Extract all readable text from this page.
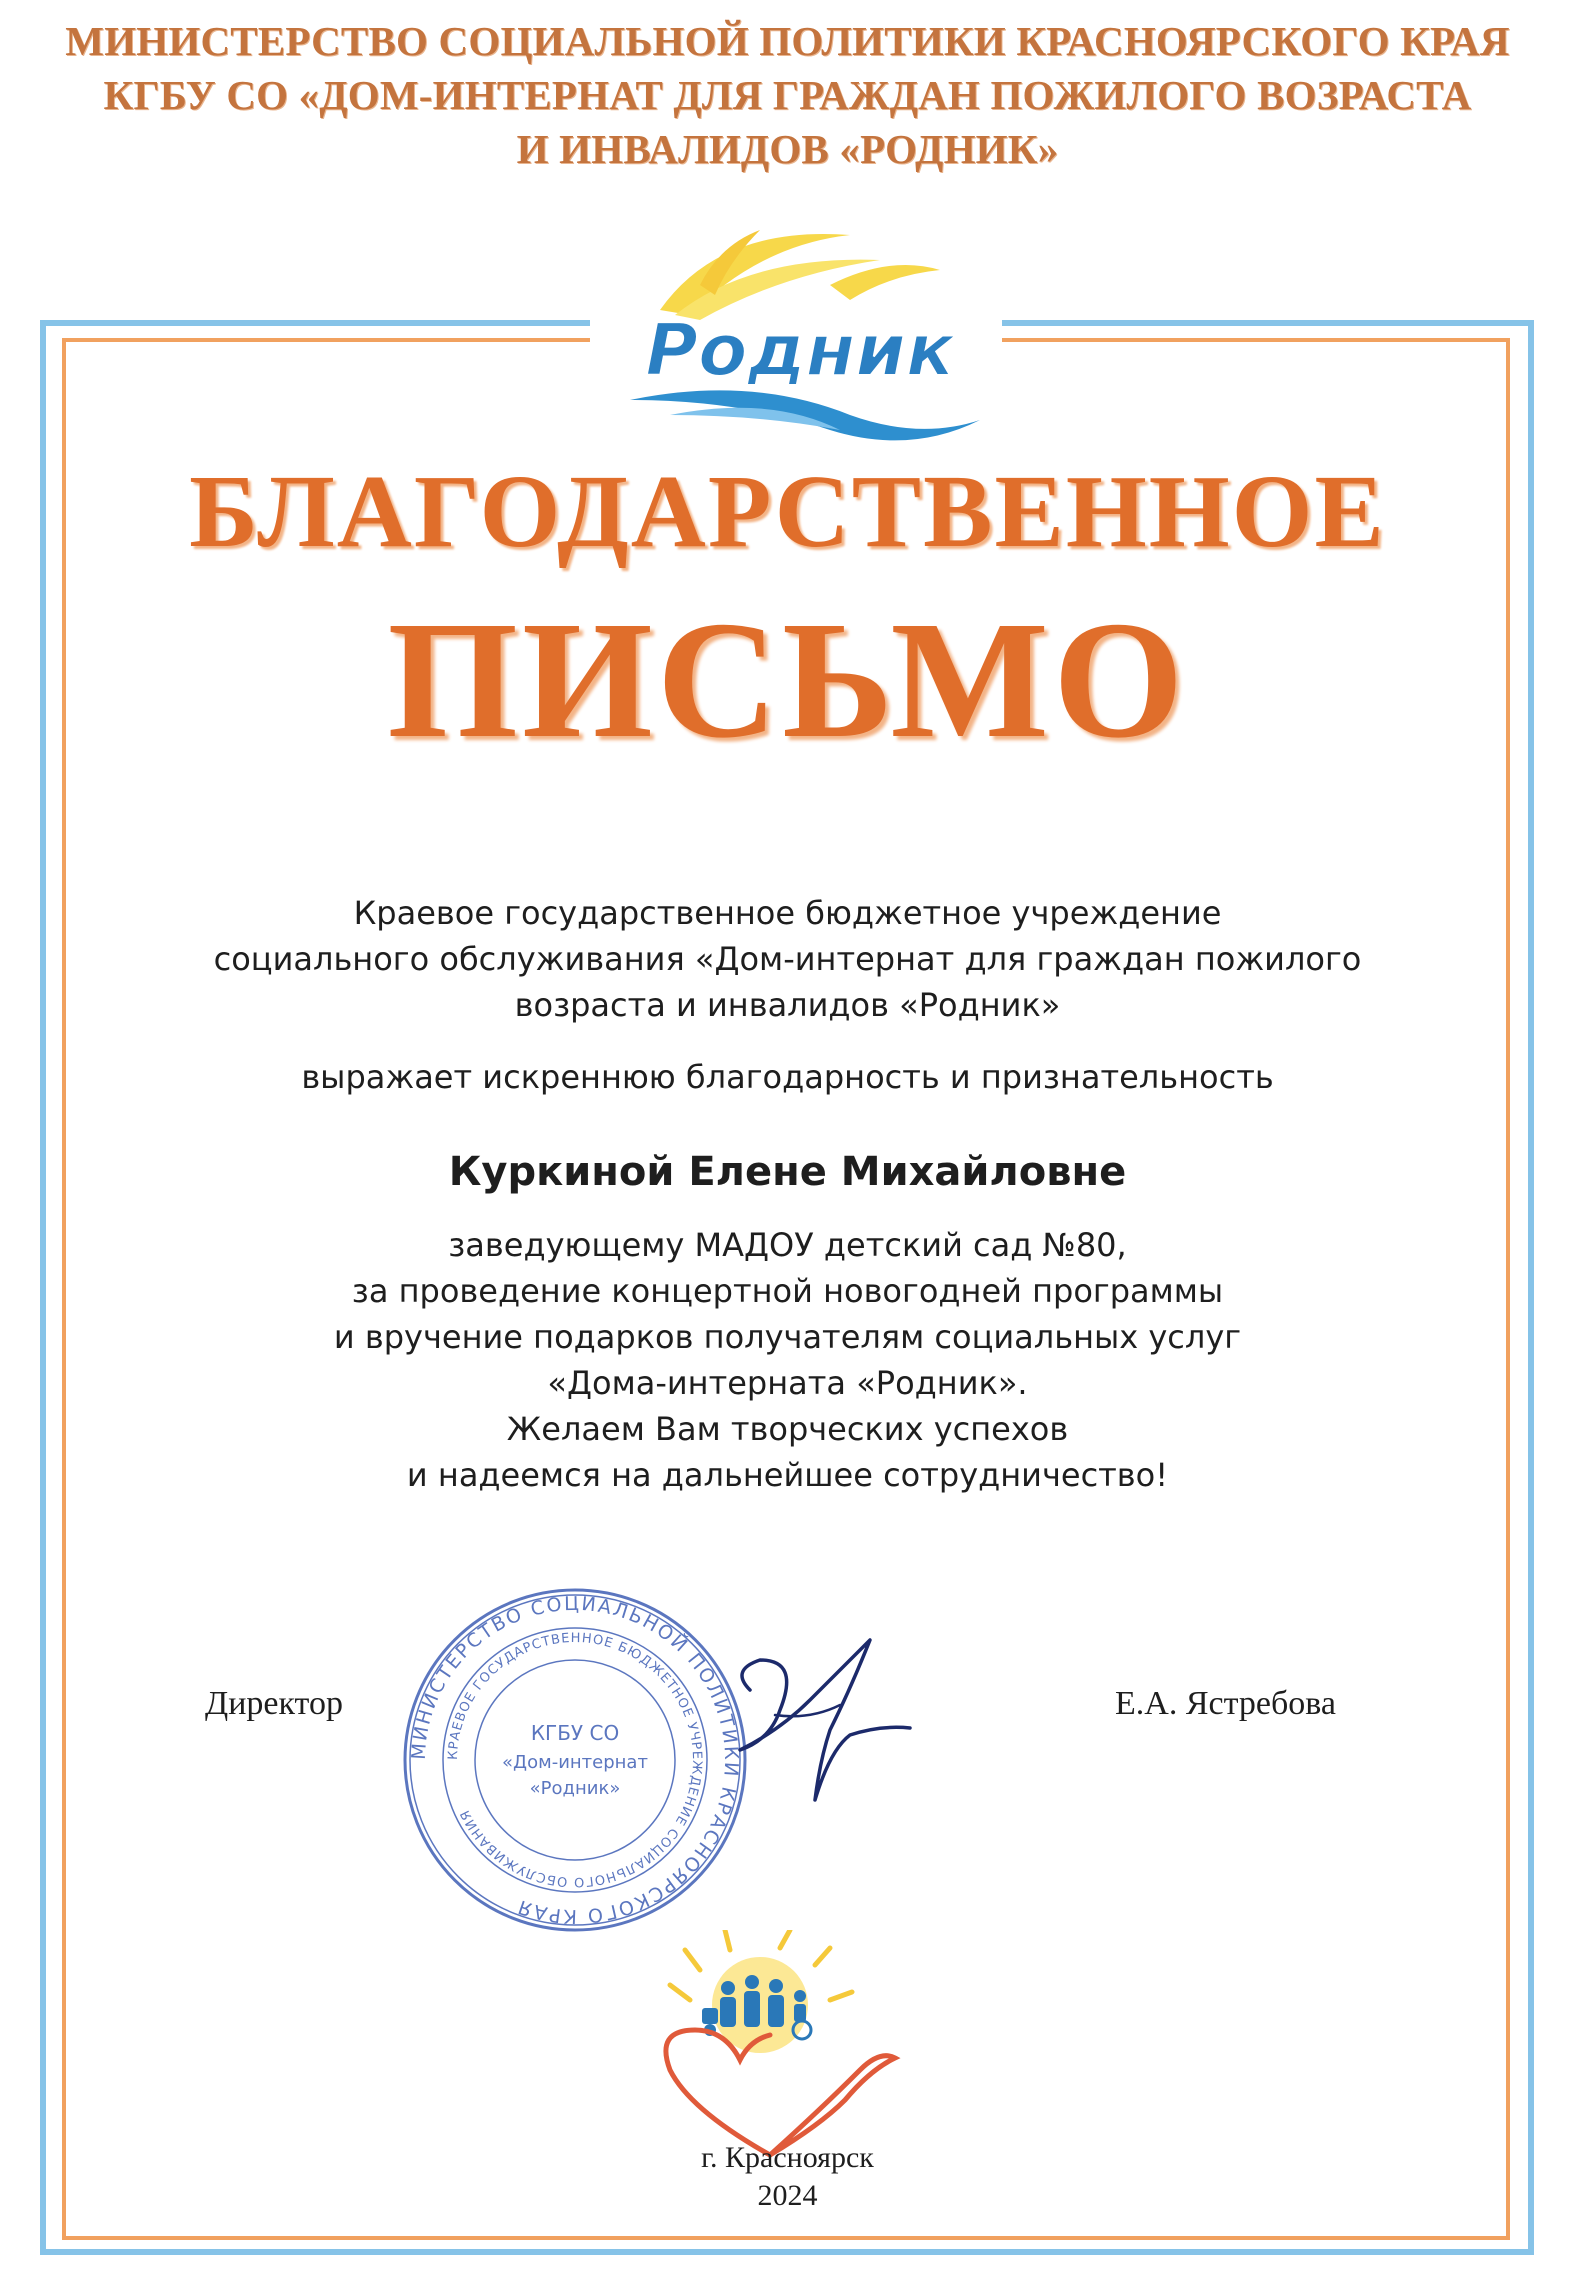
МИНИСТЕРСТВО СОЦИАЛЬНОЙ ПОЛИТИКИ КРАСНОЯРСКОГО КРАЯ
КГБУ СО «ДОМ-ИНТЕРНАТ ДЛЯ ГРАЖДАН ПОЖИЛОГО ВОЗРАСТА
И ИНВАЛИДОВ «РОДНИК»
Родник
БЛАГОДАРСТВЕННОЕ
ПИСЬМО
Краевое государственное бюджетное учреждение
социального обслуживания «Дом-интернат для граждан пожилого
возраста и инвалидов «Родник»
выражает искреннюю благодарность и признательность
Куркиной Елене Михайловне
заведующему МАДОУ детский сад №80,
за проведение концертной новогодней программы
и вручение подарков получателям социальных услуг
«Дома-интерната «Родник».
Желаем Вам творческих успехов
и надеемся на дальнейшее сотрудничество!
Директор	Е.А. Ястребова
МИНИСТЕРСТВО СОЦИАЛЬНОЙ ПОЛИТИКИ КРАСНОЯРСКОГО КРАЯ
КРАЕВОЕ ГОСУДАРСТВЕННОЕ БЮДЖЕТНОЕ УЧРЕЖДЕНИЕ СОЦИАЛЬНОГО ОБСЛУЖИВАНИЯ
КГБУ СО
«Дом-интернат
«Родник»
г. Красноярск
2024
